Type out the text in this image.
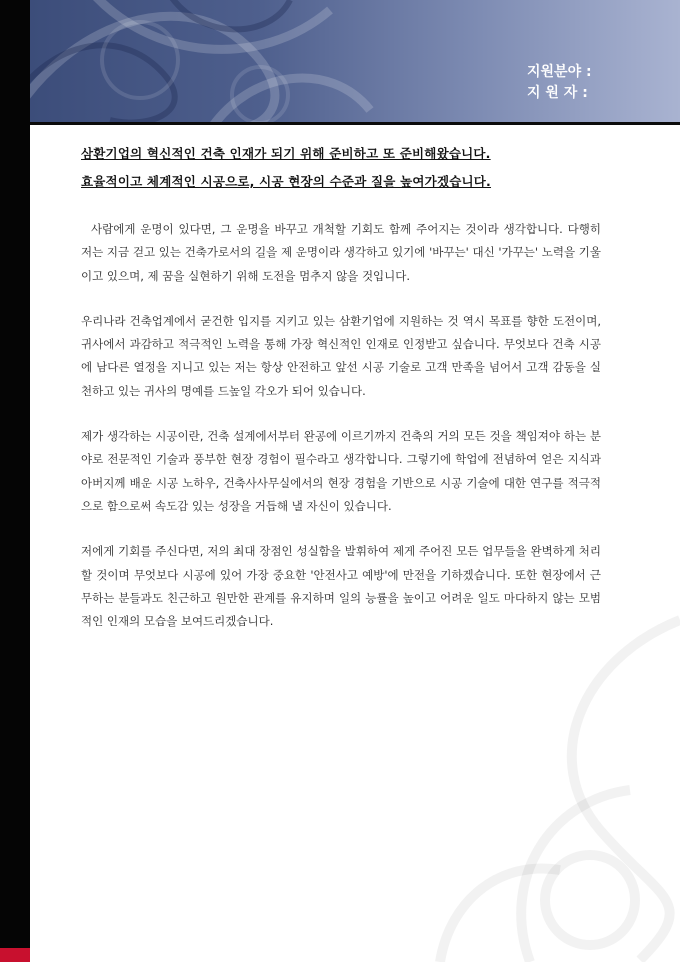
지원분야 :
지 원 자 :
삼환기업의 혁신적인 건축 인재가 되기 위해 준비하고 또 준비해왔습니다.
효율적이고 체계적인 시공으로, 시공 현장의 수준과 질을 높여가겠습니다.

사람에게 운명이 있다면, 그 운명을 바꾸고 개척할 기회도 함께 주어지는 것이라 생각합니다. 다행히 저는 지금 걷고 있는 건축가로서의 길을 제 운명이라 생각하고 있기에 '바꾸는' 대신 '가꾸는' 노력을 기울이고 있으며, 제 꿈을 실현하기 위해 도전을 멈추지 않을 것입니다.

우리나라 건축업계에서 굳건한 입지를 지키고 있는 삼환기업에 지원하는 것 역시 목표를 향한 도전이며, 귀사에서 과감하고 적극적인 노력을 통해 가장 혁신적인 인재로 인정받고 싶습니다. 무엇보다 건축 시공에 남다른 열정을 지니고 있는 저는 항상 안전하고 앞선 시공 기술로 고객 만족을 넘어서 고객 감동을 실천하고 있는 귀사의 명예를 드높일 각오가 되어 있습니다.

제가 생각하는 시공이란, 건축 설계에서부터 완공에 이르기까지 건축의 거의 모든 것을 책임져야 하는 분야로 전문적인 기술과 풍부한 현장 경험이 필수라고 생각합니다. 그렇기에 학업에 전념하여 얻은 지식과 아버지께 배운 시공 노하우, 건축사사무실에서의 현장 경험을 기반으로 시공 기술에 대한 연구를 적극적으로 함으로써 속도감 있는 성장을 거듭해 낼 자신이 있습니다.

저에게 기회를 주신다면, 저의 최대 장점인 성실함을 발휘하여 제게 주어진 모든 업무들을 완벽하게 처리할 것이며 무엇보다 시공에 있어 가장 중요한 '안전사고 예방'에 만전을 기하겠습니다. 또한 현장에서 근무하는 분들과도 친근하고 원만한 관계를 유지하며 일의 능률을 높이고 어려운 일도 마다하지 않는 모범적인 인재의 모습을 보여드리겠습니다.
